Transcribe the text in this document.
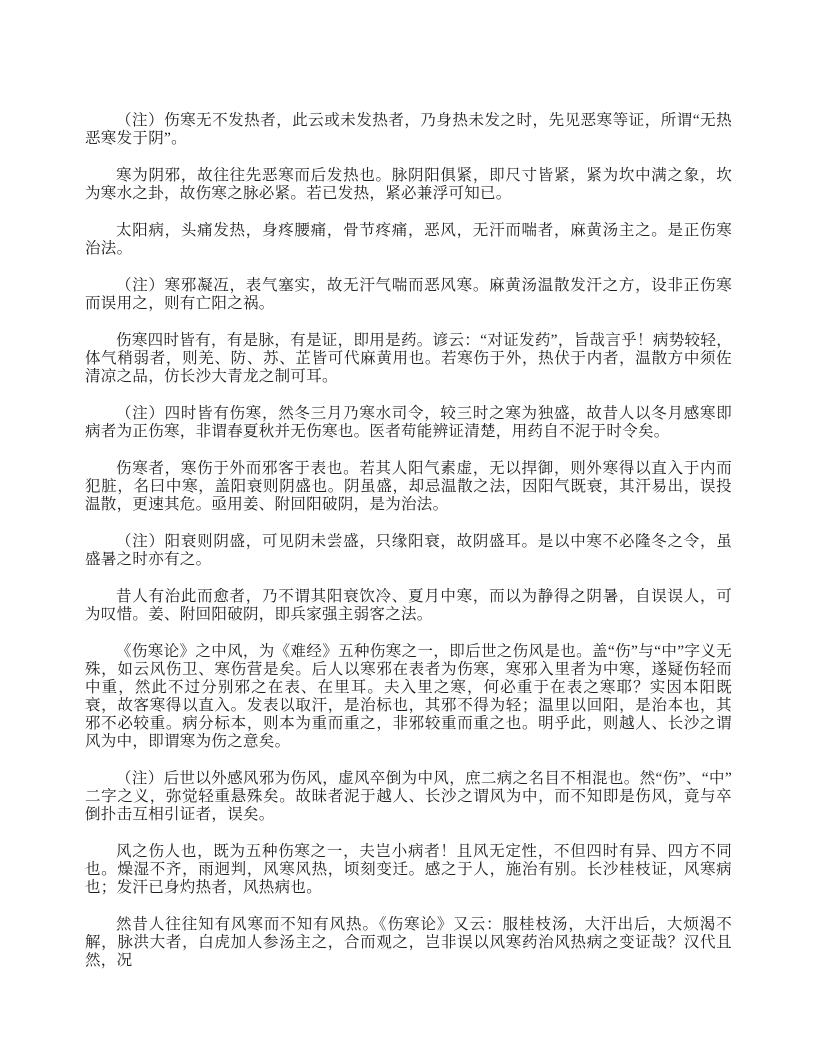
（注）伤寒无不发热者，此云或未发热者，乃身热未发之时，先见恶寒等证，所谓“无热恶寒发于阴”。

寒为阴邪，故往往先恶寒而后发热也。脉阴阳俱紧，即尺寸皆紧，紧为坎中满之象，坎为寒水之卦，故伤寒之脉必紧。若已发热，紧必兼浮可知已。

太阳病，头痛发热，身疼腰痛，骨节疼痛，恶风，无汗而喘者，麻黄汤主之。是正伤寒治法。

（注）寒邪凝冱，表气塞实，故无汗气喘而恶风寒。麻黄汤温散发汗之方，设非正伤寒而误用之，则有亡阳之祸。

伤寒四时皆有，有是脉，有是证，即用是药。谚云：“对证发药”，旨哉言乎！病势较轻，体气稍弱者，则羌、防、苏、芷皆可代麻黄用也。若寒伤于外，热伏于内者，温散方中须佐清凉之品，仿长沙大青龙之制可耳。

（注）四时皆有伤寒，然冬三月乃寒水司令，较三时之寒为独盛，故昔人以冬月感寒即病者为正伤寒，非谓春夏秋并无伤寒也。医者苟能辨证清楚，用药自不泥于时令矣。

伤寒者，寒伤于外而邪客于表也。若其人阳气素虚，无以捍御，则外寒得以直入于内而犯脏，名曰中寒，盖阳衰则阴盛也。阴虽盛，却忌温散之法，因阳气既衰，其汗易出，误投温散，更速其危。亟用姜、附回阳破阴，是为治法。

（注）阳衰则阴盛，可见阴未尝盛，只缘阳衰，故阴盛耳。是以中寒不必隆冬之令，虽盛暑之时亦有之。

昔人有治此而愈者，乃不谓其阳衰饮冷、夏月中寒，而以为静得之阴暑，自误误人，可为叹惜。姜、附回阳破阴，即兵家强主弱客之法。

《伤寒论》之中风，为《难经》五种伤寒之一，即后世之伤风是也。盖“伤”与“中”字义无殊，如云风伤卫、寒伤营是矣。后人以寒邪在表者为伤寒，寒邪入里者为中寒，遂疑伤轻而中重，然此不过分别邪之在表、在里耳。夫入里之寒，何必重于在表之寒耶？实因本阳既衰，故客寒得以直入。发表以取汗，是治标也，其邪不得为轻；温里以回阳，是治本也，其邪不必较重。病分标本，则本为重而重之，非邪较重而重之也。明乎此，则越人、长沙之谓风为中，即谓寒为伤之意矣。

（注）后世以外感风邪为伤风，虚风卒倒为中风，庶二病之名目不相混也。然“伤”、“中”二字之义，弥觉轻重悬殊矣。故昧者泥于越人、长沙之谓风为中，而不知即是伤风，竟与卒倒扑击互相引证者，误矣。

风之伤人也，既为五种伤寒之一，夫岂小病者！且风无定性，不但四时有异、四方不同也。燥湿不齐，雨迥判，风寒风热，顷刻变迁。感之于人，施治有别。长沙桂枝证，风寒病也；发汗已身灼热者，风热病也。

然昔人往往知有风寒而不知有风热。《伤寒论》又云：服桂枝汤，大汗出后，大烦渴不解，脉洪大者，白虎加人参汤主之，合而观之，岂非误以风寒药治风热病之变证哉？汉代且然，况
